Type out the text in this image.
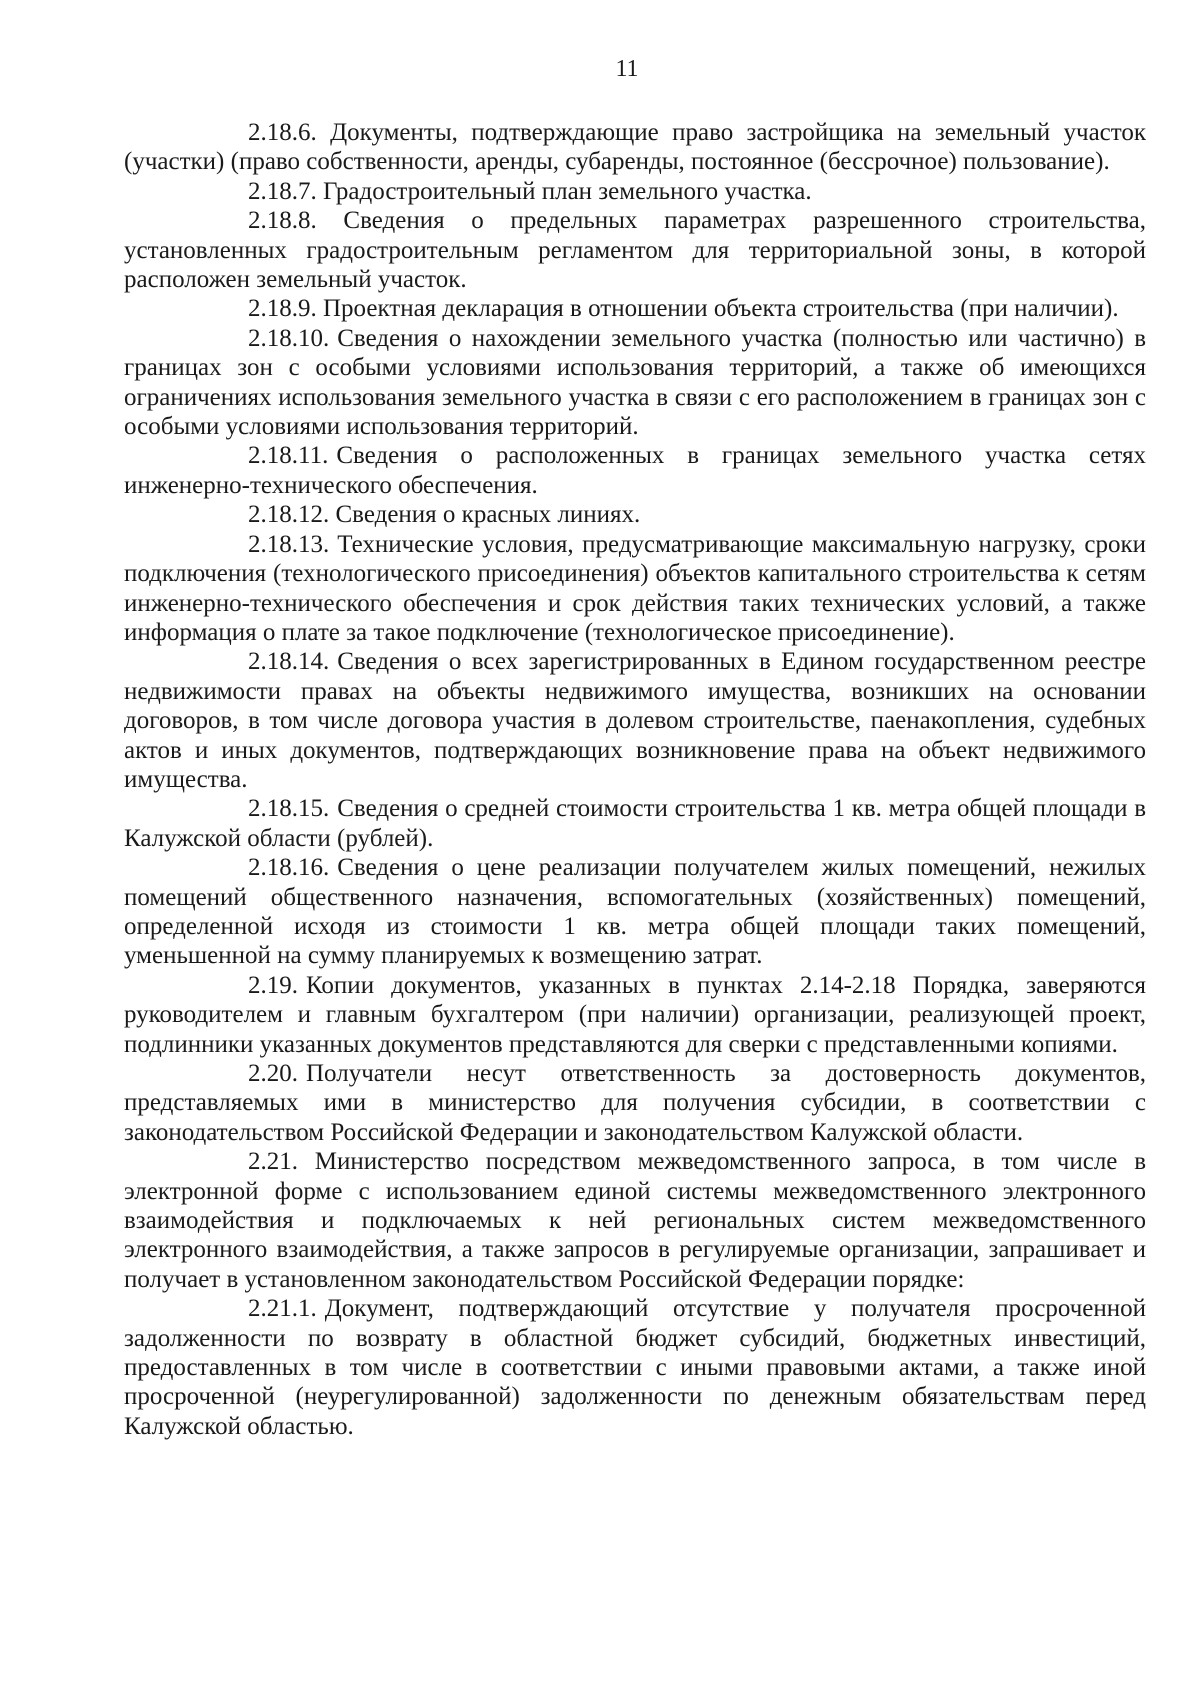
11

2.18.6. Документы, подтверждающие право застройщика на земельный участок (участки) (право собственности, аренды, субаренды, постоянное (бессрочное) пользование).

2.18.7. Градостроительный план земельного участка.

2.18.8. Сведения о предельных параметрах разрешенного строительства, установленных градостроительным регламентом для территориальной зоны, в которой расположен земельный участок.

2.18.9. Проектная декларация в отношении объекта строительства (при наличии).

2.18.10. Сведения о нахождении земельного участка (полностью или частично) в границах зон с особыми условиями использования территорий, а также об имеющихся ограничениях использования земельного участка в связи с его расположением в границах зон с особыми условиями использования территорий.

2.18.11. Сведения о расположенных в границах земельного участка сетях инженерно-технического обеспечения.

2.18.12. Сведения о красных линиях.

2.18.13. Технические условия, предусматривающие максимальную нагрузку, сроки подключения (технологического присоединения) объектов капитального строительства к сетям инженерно-технического обеспечения и срок действия таких технических условий, а также информация о плате за такое подключение (технологическое присоединение).

2.18.14. Сведения о всех зарегистрированных в Едином государственном реестре недвижимости правах на объекты недвижимого имущества, возникших на основании договоров, в том числе договора участия в долевом строительстве, паенакопления, судебных актов и иных документов, подтверждающих возникновение права на объект недвижимого имущества.

2.18.15. Сведения о средней стоимости строительства 1 кв. метра общей площади в Калужской области (рублей).

2.18.16. Сведения о цене реализации получателем жилых помещений, нежилых помещений общественного назначения, вспомогательных (хозяйственных) помещений, определенной исходя из стоимости 1 кв. метра общей площади таких помещений, уменьшенной на сумму планируемых к возмещению затрат.

2.19. Копии документов, указанных в пунктах 2.14-2.18 Порядка, заверяются руководителем и главным бухгалтером (при наличии) организации, реализующей проект, подлинники указанных документов представляются для сверки с представленными копиями.

2.20. Получатели несут ответственность за достоверность документов, представляемых ими в министерство для получения субсидии, в соответствии с законодательством Российской Федерации и законодательством Калужской области.

2.21. Министерство посредством межведомственного запроса, в том числе в электронной форме с использованием единой системы межведомственного электронного взаимодействия и подключаемых к ней региональных систем межведомственного электронного взаимодействия, а также запросов в регулируемые организации, запрашивает и получает в установленном законодательством Российской Федерации порядке:

2.21.1. Документ, подтверждающий отсутствие у получателя просроченной задолженности по возврату в областной бюджет субсидий, бюджетных инвестиций, предоставленных в том числе в соответствии с иными правовыми актами, а также иной просроченной (неурегулированной) задолженности по денежным обязательствам перед Калужской областью.
